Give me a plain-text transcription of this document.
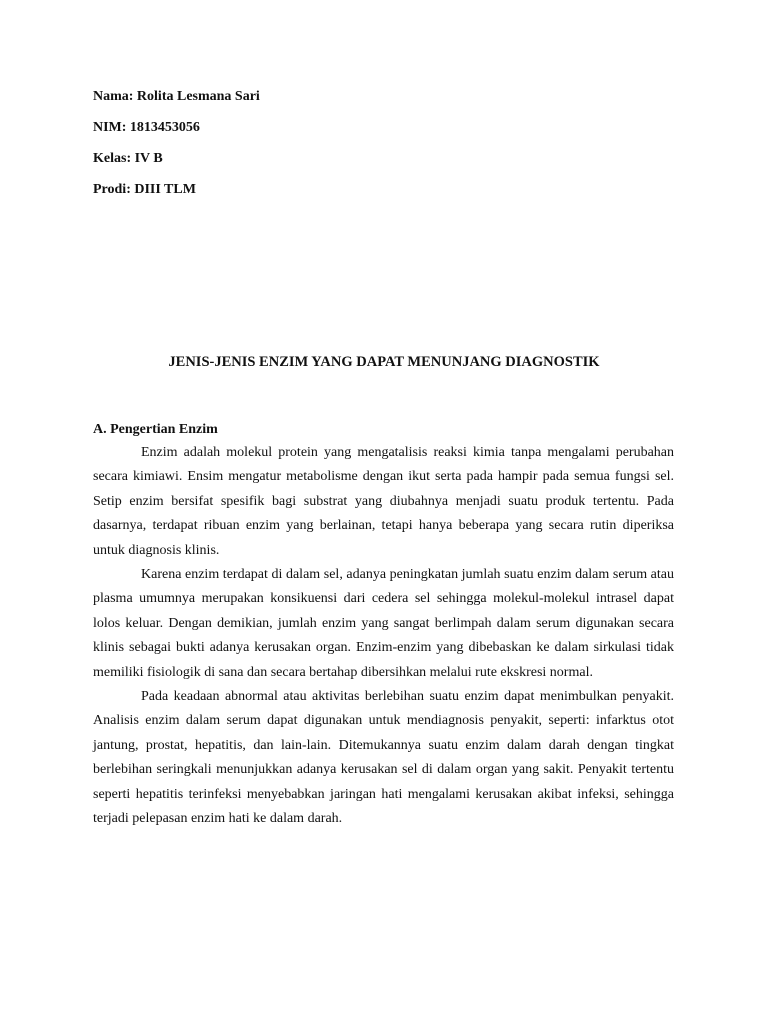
Nama: Rolita Lesmana Sari
NIM: 1813453056
Kelas: IV B
Prodi: DIII TLM
JENIS-JENIS ENZIM YANG DAPAT MENUNJANG DIAGNOSTIK

A. Pengertian Enzim

Enzim adalah molekul protein yang mengatalisis reaksi kimia tanpa mengalami perubahan secara kimiawi. Ensim mengatur metabolisme dengan ikut serta pada hampir pada semua fungsi sel. Setip enzim bersifat spesifik bagi substrat yang diubahnya menjadi suatu produk tertentu. Pada dasarnya, terdapat ribuan enzim yang berlainan, tetapi hanya beberapa yang secara rutin diperiksa untuk diagnosis klinis.

Karena enzim terdapat di dalam sel, adanya peningkatan jumlah suatu enzim dalam serum atau plasma umumnya merupakan konsikuensi dari cedera sel sehingga molekul-molekul intrasel dapat lolos keluar. Dengan demikian, jumlah enzim yang sangat berlimpah dalam serum digunakan secara klinis sebagai bukti adanya kerusakan organ. Enzim-enzim yang dibebaskan ke dalam sirkulasi tidak memiliki fisiologik di sana dan secara bertahap dibersihkan melalui rute ekskresi normal.

Pada keadaan abnormal atau aktivitas berlebihan suatu enzim dapat menimbulkan penyakit. Analisis enzim dalam serum dapat digunakan untuk mendiagnosis penyakit, seperti: infarktus otot jantung, prostat, hepatitis, dan lain-lain. Ditemukannya suatu enzim dalam darah dengan tingkat berlebihan seringkali menunjukkan adanya kerusakan sel di dalam organ yang sakit. Penyakit tertentu seperti hepatitis terinfeksi menyebabkan jaringan hati mengalami kerusakan akibat infeksi, sehingga terjadi pelepasan enzim hati ke dalam darah.
